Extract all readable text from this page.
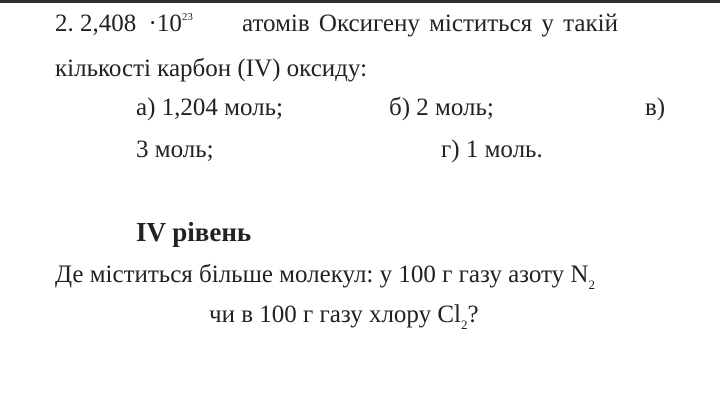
2. $2,408 \cdot 10^{23}$ атомів Оксигену міститься у такій
кількості карбон (IV) оксиду:
а) 1,204 моль;	б) 2 моль;	в)
3 моль;	г) 1 моль.
IV рівень
Де міститься більше молекул: у 100 г газу азоту $N_2$
чи в 100 г газу хлору $Cl_2$?
